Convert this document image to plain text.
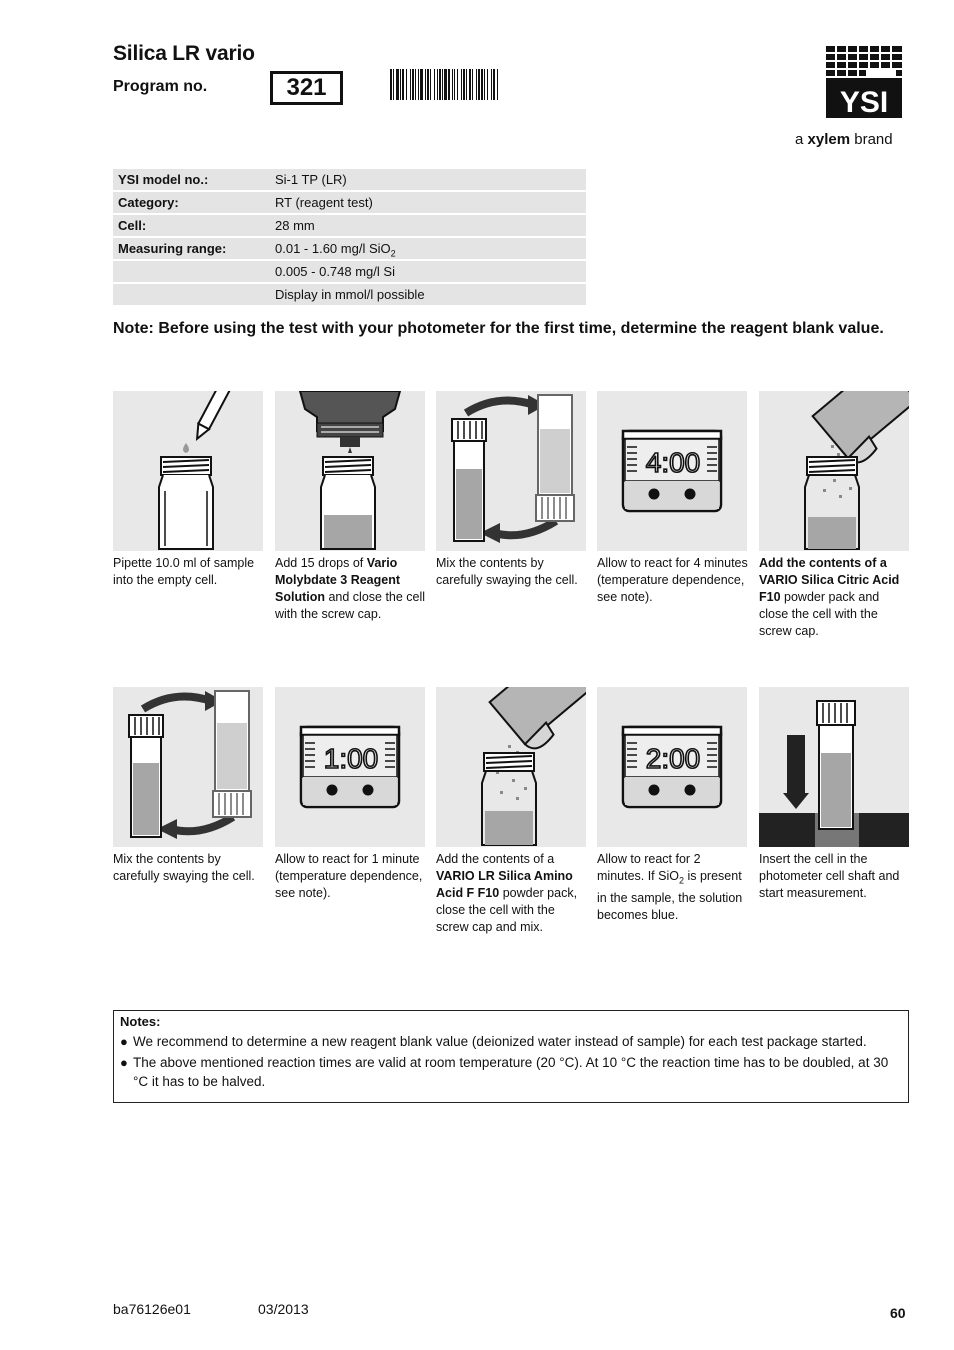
Silica LR vario
Program no.	321	YSI
a xylem brand
YSI model no.:	Si-1 TP (LR)
Category:	RT (reagent test)
Cell:	28 mm
Measuring range:	0.01 - 1.60 mg/l SiO$_2$
0.005 - 0.748 mg/l Si
Display in mmol/l possible
Note: Before using the test with your photometer for the first time, determine the reagent blank value.
4:00
Pipette 10.0 ml of sample into the empty cell.
Add 15 drops of Vario Molybdate 3 Reagent Solution and close the cell with the screw cap.
Mix the contents by carefully swaying the cell.
Allow to react for 4 minutes (temperature dependence, see note).
Add the contents of a VARIO Silica Citric Acid F10 powder pack and close the cell with the screw cap.
1:00	2:00
Mix the contents by carefully swaying the cell.
Allow to react for 1 minute (temperature dependence, see note).
Add the contents of a VARIO LR Silica Amino Acid F F10 powder pack, close the cell with the screw cap and mix.
Allow to react for 2 minutes. If SiO$_2$ is present in the sample, the solution becomes blue.
Insert the cell in the photometer cell shaft and start measurement.
Notes:
● We recommend to determine a new reagent blank value (deionized water instead of sample) for each test package started.
● The above mentioned reaction times are valid at room temperature (20 °C). At 10 °C the reaction time has to be doubled, at 30 °C it has to be halved.
ba76126e01	03/2013	60
